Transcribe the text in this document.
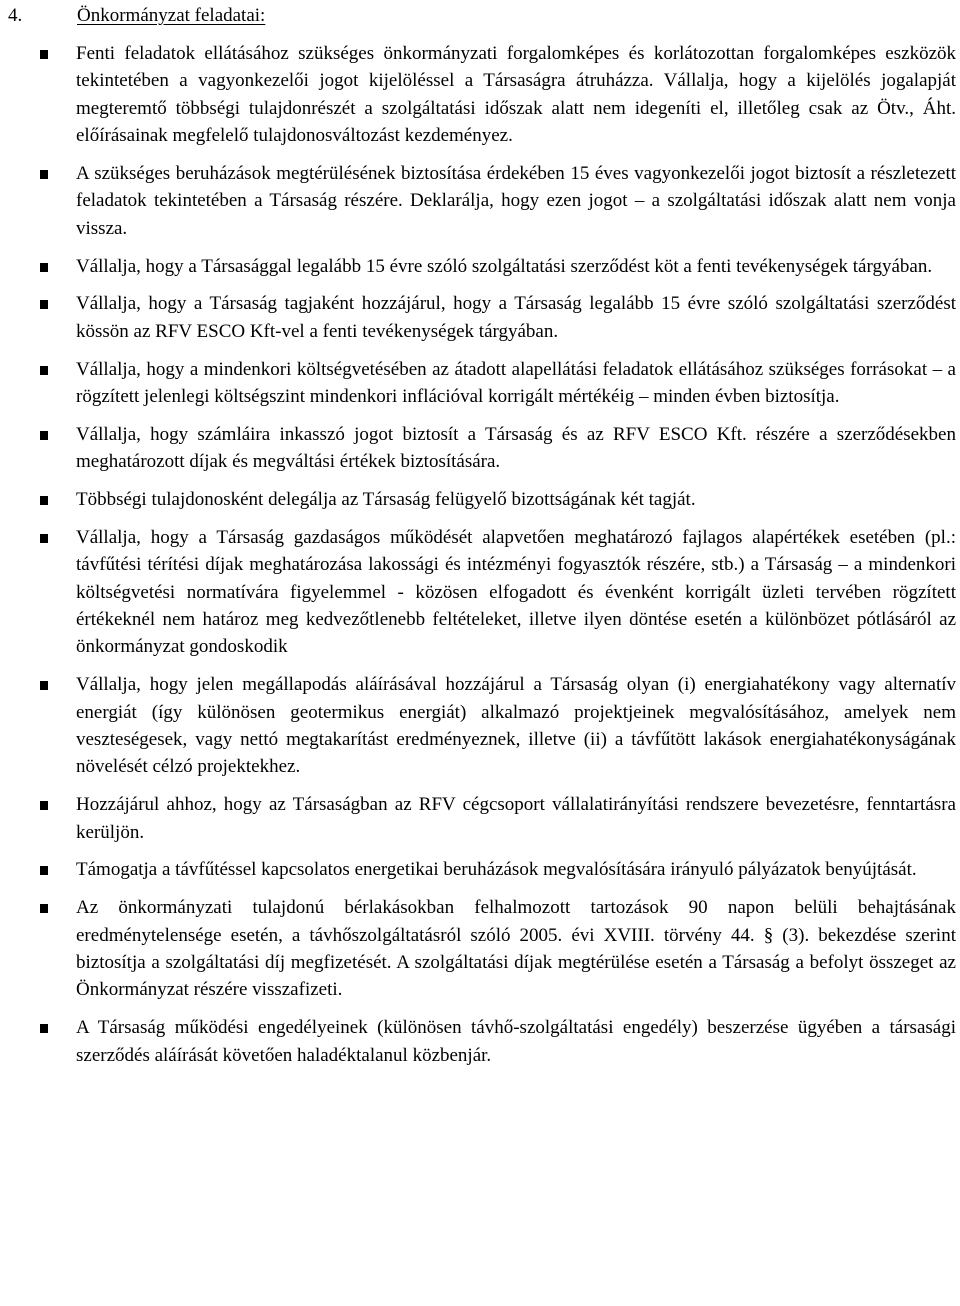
4.	Önkormányzat feladatai:
Fenti feladatok ellátásához szükséges önkormányzati forgalomképes és korlátozottan forgalomképes eszközök tekintetében a vagyonkezelői jogot kijelöléssel a Társaságra átruházza. Vállalja, hogy a kijelölés jogalapját megteremtő többségi tulajdonrészét a szolgáltatási időszak alatt nem idegeníti el, illetőleg csak az Ötv., Áht. előírásainak megfelelő tulajdonosváltozást kezdeményez.
A szükséges beruházások megtérülésének biztosítása érdekében 15 éves vagyonkezelői jogot biztosít a részletezett feladatok tekintetében a Társaság részére. Deklarálja, hogy ezen jogot – a szolgáltatási időszak alatt nem vonja vissza.
Vállalja, hogy a Társasággal legalább 15 évre szóló szolgáltatási szerződést köt a fenti tevékenységek tárgyában.
Vállalja, hogy a Társaság tagjaként hozzájárul, hogy a Társaság legalább 15 évre szóló szolgáltatási szerződést kössön az RFV ESCO Kft-vel a fenti tevékenységek tárgyában.
Vállalja, hogy a mindenkori költségvetésében az átadott alapellátási feladatok ellátásához szükséges forrásokat – a rögzített jelenlegi költségszint mindenkori inflációval korrigált mértékéig – minden évben biztosítja.
Vállalja, hogy számláira inkasszó jogot biztosít a Társaság és az RFV ESCO Kft. részére a szerződésekben meghatározott díjak és megváltási értékek biztosítására.
Többségi tulajdonosként delegálja az Társaság felügyelő bizottságának két tagját.
Vállalja, hogy a Társaság gazdaságos működését alapvetően meghatározó fajlagos alapértékek esetében (pl.: távfűtési térítési díjak meghatározása lakossági és intézményi fogyasztók részére, stb.) a Társaság – a mindenkori költségvetési normatívára figyelemmel - közösen elfogadott és évenként korrigált üzleti tervében rögzített értékeknél nem határoz meg kedvezőtlenebb feltételeket, illetve ilyen döntése esetén a különbözet pótlásáról az önkormányzat gondoskodik
Vállalja, hogy jelen megállapodás aláírásával hozzájárul a Társaság olyan (i) energiahatékony vagy alternatív energiát (így különösen geotermikus energiát) alkalmazó projektjeinek megvalósításához, amelyek nem veszteségesek, vagy nettó megtakarítást eredményeznek, illetve (ii) a távfűtött lakások energiahatékonyságának növelését célzó projektekhez.
Hozzájárul ahhoz, hogy az Társaságban az RFV cégcsoport vállalatirányítási rendszere bevezetésre, fenntartásra kerüljön.
Támogatja a távfűtéssel kapcsolatos energetikai beruházások megvalósítására irányuló pályázatok benyújtását.
Az önkormányzati tulajdonú bérlakásokban felhalmozott tartozások 90 napon belüli behajtásának eredménytelensége esetén, a távhőszolgáltatásról szóló 2005. évi XVIII. törvény 44. § (3). bekezdése szerint biztosítja a szolgáltatási díj megfizetését. A szolgáltatási díjak megtérülése esetén a Társaság a befolyt összeget az Önkormányzat részére visszafizeti.
A Társaság működési engedélyeinek (különösen távhő-szolgáltatási engedély) beszerzése ügyében a társasági szerződés aláírását követően haladéktalanul közbenjár.
